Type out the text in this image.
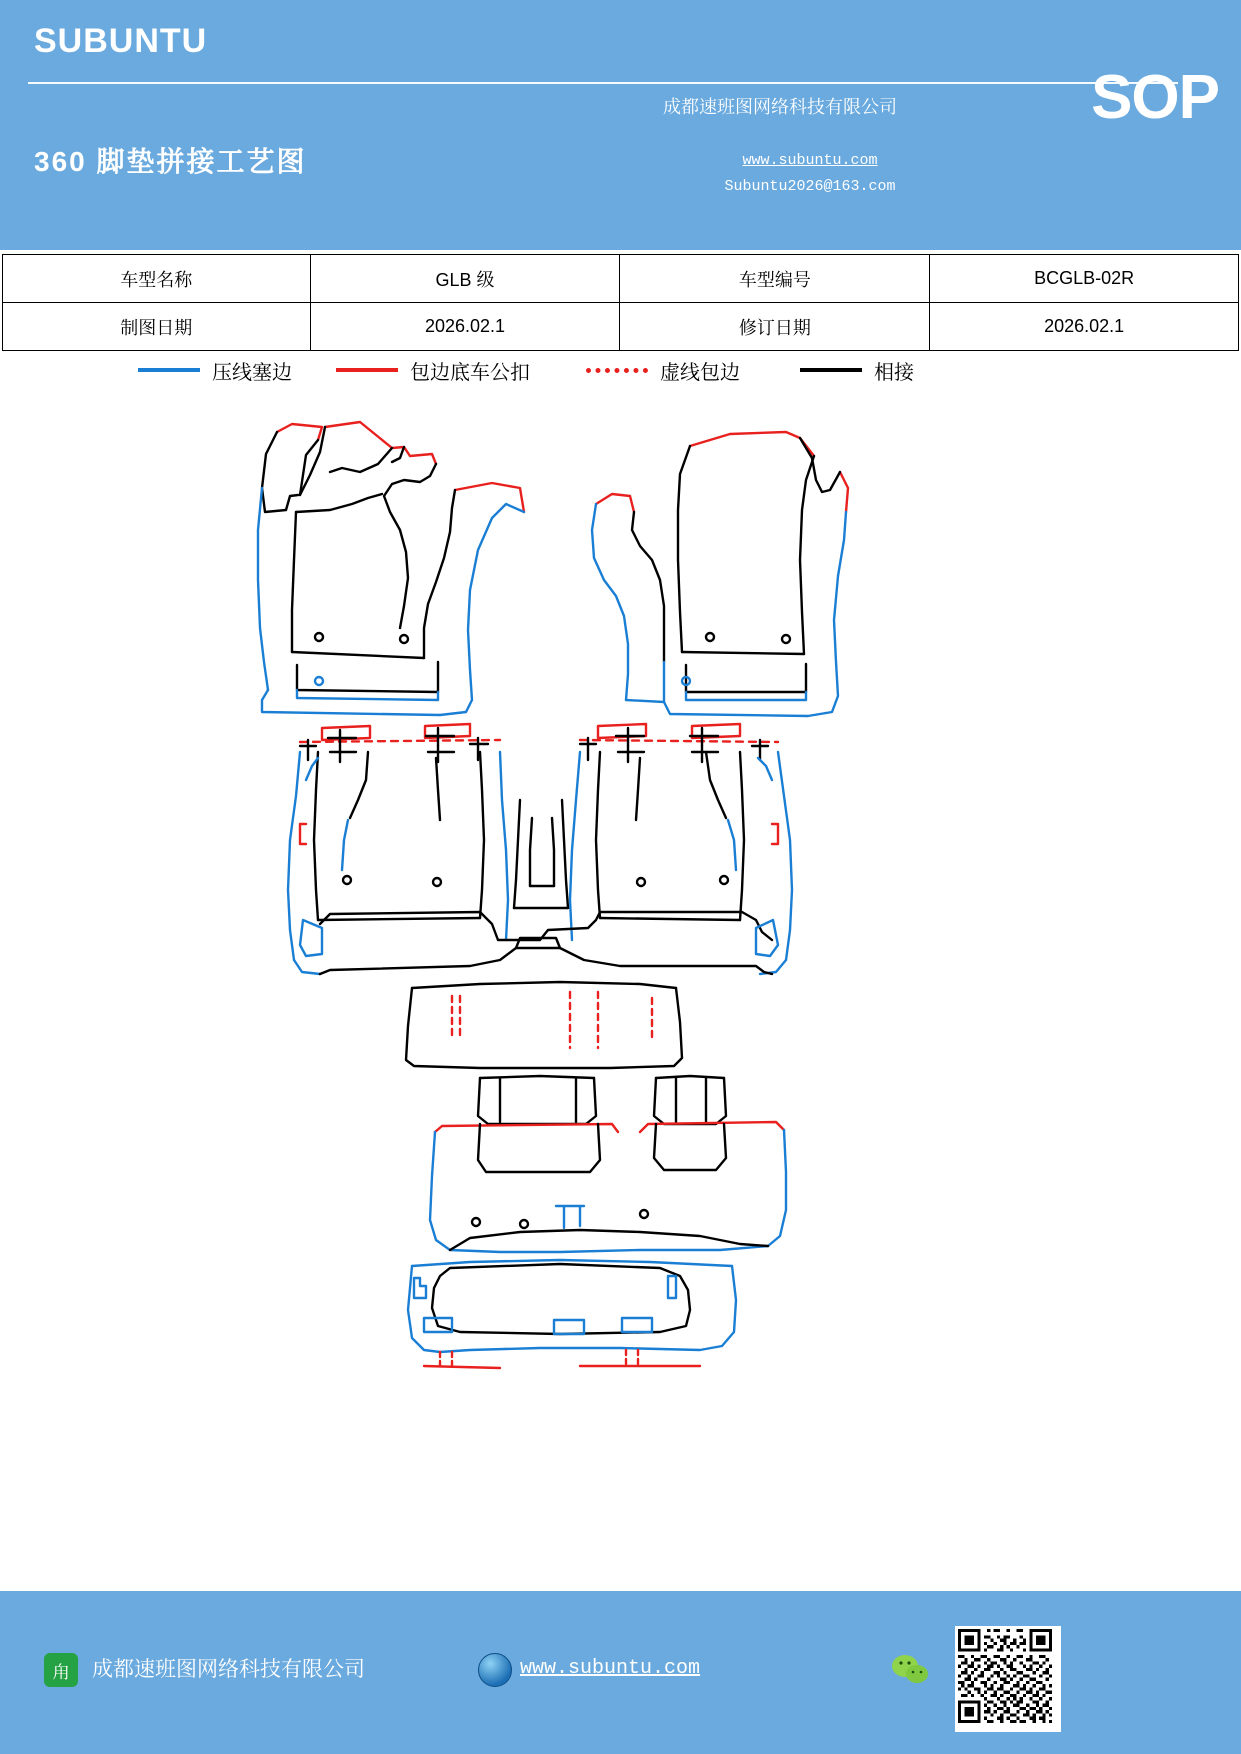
SUBUNTU
360 脚垫拼接工艺图
成都速班图网络科技有限公司	SOP
www.subuntu.com
Subuntu2026@163.com
车型名称	GLB 级	车型编号	BCGLB-02R
制图日期	2026.02.1	修订日期	2026.02.1
压线塞边	包边底车公扣	虚线包边	相接
甪	成都速班图网络科技有限公司	www.subuntu.com
